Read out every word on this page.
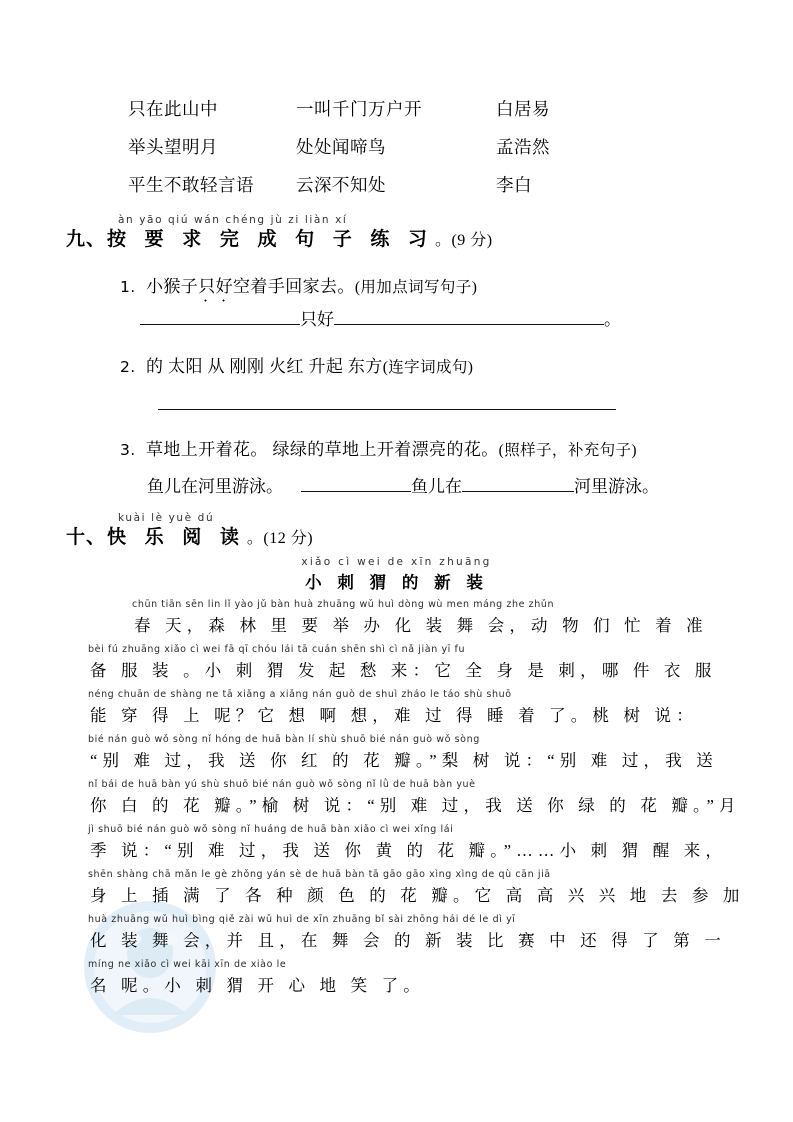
只在此山中	一叫千门万户开	白居易
举头望明月	处处闻啼鸟	孟浩然
平生不敢轻言语	云深不知处	李白
àn yāo qiú wán chéng jù zi liàn xí
九、 按 要 求 完 成 句 子 练 习 。(9 分)
1. 小猴子 只好 空着手回家去。 (用加点词写句子)
只好	。
2. 的 太阳 从 刚刚 火红 升起 东方 (连字词成句)
3. 草地上开着花。 绿绿的草地上开着漂亮的花。 (照样子，补充句子)
鱼儿在河里游泳。	鱼儿在	河里游泳。
kuài lè yuè dú
十、 快 乐 阅 读 。(12 分)
xiǎo cì wei de xīn zhuāng
小 刺 猬 的 新 装
chūn tiān sēn lin lǐ yào jǔ bàn huà zhuāng wǔ huì dòng wù men máng zhe zhǔn
春 天，森 林 里 要 举 办 化 装 舞 会，动 物 们 忙 着 准
bèi fú zhuāng xiǎo cì wei fā qī chóu lái tā cuán shēn shì cì nǎ jiàn yī fu
备 服 装 。小 刺 猬 发 起 愁 来：它 全 身 是 刺，哪 件 衣 服
néng chuān de shàng ne tā xiǎng a xiǎng nán guò de shuì zháo le táo shù shuō
能 穿 得 上 呢？它 想 啊 想，难 过 得 睡 着 了。桃 树 说：
bié nán guò wǒ sòng nǐ hóng de huā bàn lí shù shuō bié nán guò wǒ sòng
“别 难 过，我 送 你 红 的 花 瓣。”梨 树 说：“别 难 过，我 送
nǐ bái de huā bàn yú shù shuō bié nán guò wǒ sòng nǐ lǜ de huā bàn yuè
你 白 的 花 瓣。”榆 树 说：“别 难 过，我 送 你 绿 的 花 瓣。”月
jì shuō bié nán guò wǒ sòng nǐ huáng de huā bàn xiǎo cì wei xǐng lái
季 说：“别 难 过，我 送 你 黄 的 花 瓣。”……小 刺 猬 醒 来，
shēn shàng chā mǎn le gè zhǒng yán sè de huā bàn tā gāo gāo xìng xìng de qù cān jiā
身 上 插 满 了 各 种 颜 色 的 花 瓣。它 高 高 兴 兴 地 去 参 加
huà zhuāng wǔ huì bìng qiě zài wǔ huì de xīn zhuāng bǐ sài zhōng hái dé le dì yī
化 装 舞 会，并 且，在 舞 会 的 新 装 比 赛 中 还 得 了 第 一
míng ne xiǎo cì wei kāi xīn de xiào le
名 呢。小 刺 猬 开 心 地 笑 了。
